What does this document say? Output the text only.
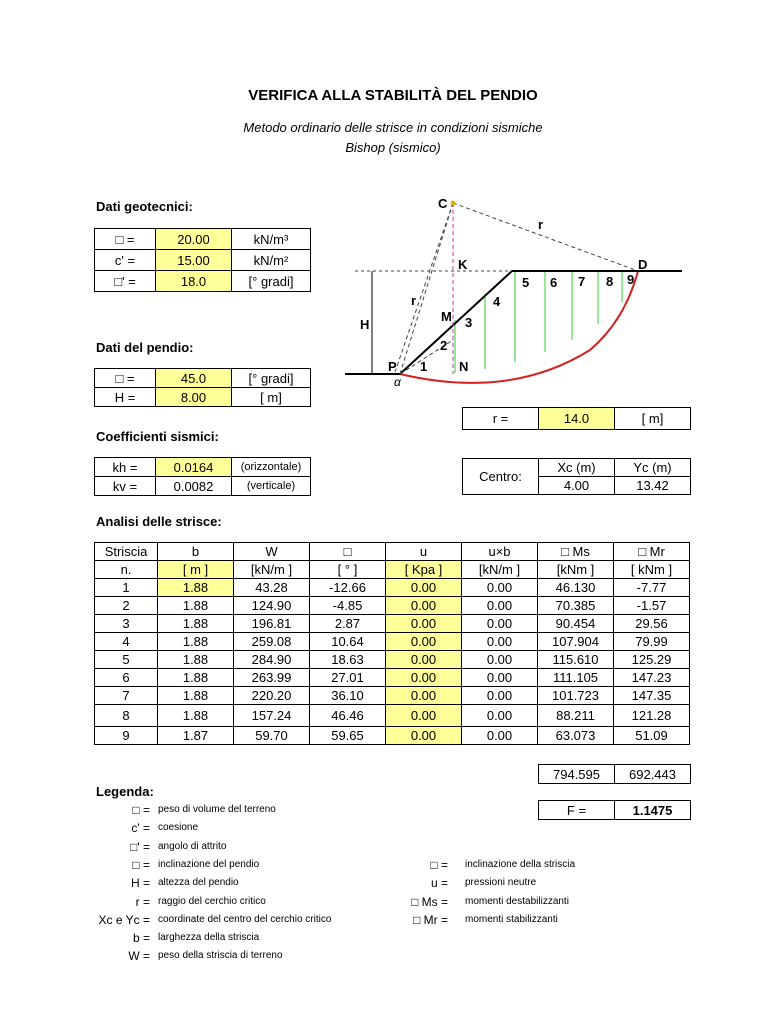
VERIFICA ALLA STABILITÀ DEL PENDIO
Metodo ordinario delle strisce in condizioni sismiche
Bishop (sismico)
Dati geotecnici:
□ =	20.00	kN/m³
c' =	15.00	kN/m²
□' =	18.0	[° gradi]
Dati del pendio:
□ =	45.0	[° gradi]
H =	8.00	[ m]
Coefficienti sismici:
kh =	0.0164	(orizzontale)
kv =	0.0082	(verticale)
r =	14.0	[ m]
Centro:	Xc (m)	Yc (m)
	4.00	13.42
C
K	D
P	N
M
H
r
r
1
2
3
4
5 6 7 8 9
α
Analisi delle strisce:
Striscia	b	W	□	u	u×b	□ Ms	□ Mr
n.	[ m ]	[kN/m ]	[ ° ]	[ Kpa ]	[kN/m ]	[kNm ]	[ kNm ]
1	1.88	43.28	-12.66	0.00	0.00	46.130	-7.77
2	1.88	124.90	-4.85	0.00	0.00	70.385	-1.57
3	1.88	196.81	2.87	0.00	0.00	90.454	29.56
4	1.88	259.08	10.64	0.00	0.00	107.904	79.99
5	1.88	284.90	18.63	0.00	0.00	115.610	125.29
6	1.88	263.99	27.01	0.00	0.00	111.105	147.23
7	1.88	220.20	36.10	0.00	0.00	101.723	147.35
8	1.88	157.24	46.46	0.00	0.00	88.211	121.28
9	1.87	59.70	59.65	0.00	0.00	63.073	51.09
794.595	692.443
F =	1.1475
Legenda:
□ = peso di volume del terreno
c' = coesione
□' = angolo di attrito
□ = inclinazione del pendio
H = altezza del pendio
r = raggio del cerchio critico
Xc e Yc = coordinate del centro del cerchio critico
b = larghezza della striscia
W = peso della striscia di terreno
□ = inclinazione della striscia
u = pressioni neutre
□ Ms = momenti destabilizzanti
□ Mr = momenti stabilizzanti
